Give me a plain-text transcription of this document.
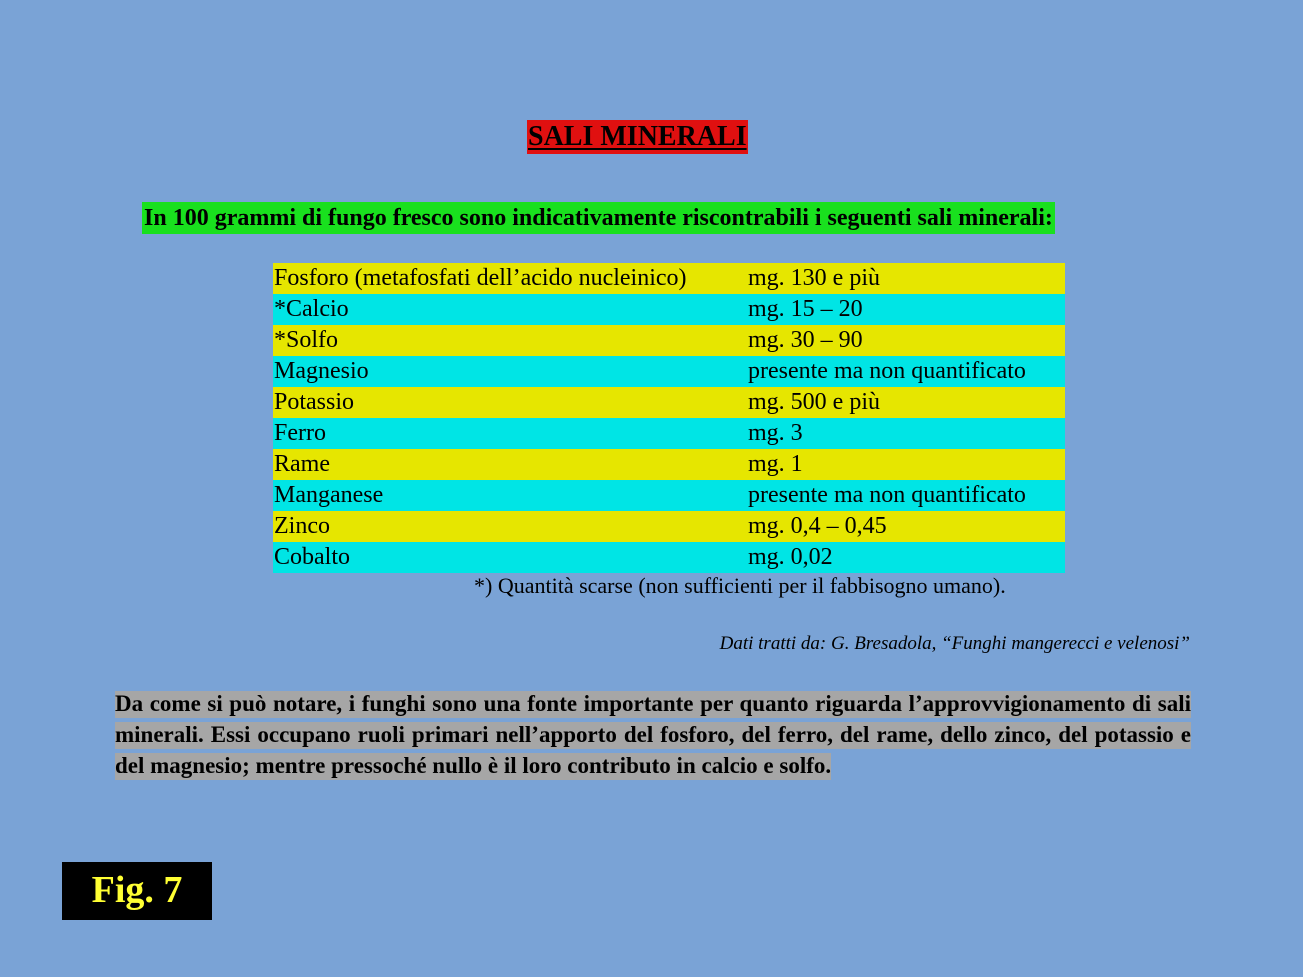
SALI MINERALI
In 100 grammi di fungo fresco sono indicativamente riscontrabili i seguenti sali minerali:
Fosforo (metafosfati dell’acido nucleinico)	mg. 130 e più
*Calcio	mg. 15 – 20
*Solfo	mg. 30 – 90
Magnesio	presente ma non quantificato
Potassio	mg. 500 e più
Ferro	mg. 3
Rame	mg. 1
Manganese	presente ma non quantificato
Zinco	mg. 0,4 – 0,45
Cobalto	mg. 0,02
*) Quantità scarse (non sufficienti per il fabbisogno umano).
Dati tratti da: G. Bresadola, “Funghi mangerecci e velenosi”
Da come si può notare, i funghi sono una fonte importante per quanto riguarda l’approvvigionamento di sali minerali. Essi occupano ruoli primari nell’apporto del fosforo, del ferro, del rame, dello zinco, del potassio e del magnesio; mentre pressoché nullo è il loro contributo in calcio e solfo.
Fig. 7
